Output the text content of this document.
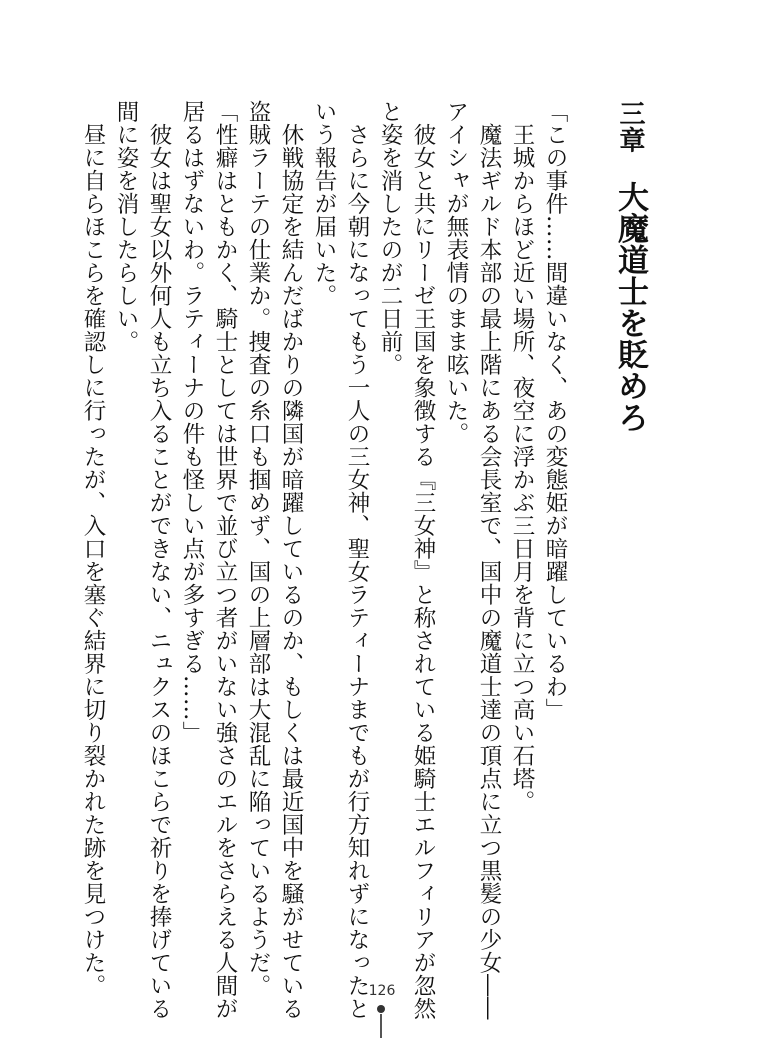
三章大魔道士を貶めろ

「この事件……間違いなく、あの変態姫が暗躍しているわ」

　王城からほど近い場所、夜空に浮かぶ三日月を背に立つ高い石塔。

　魔法ギルド本部の最上階にある会長室で、国中の魔道士達の頂点に立つ黒髪の少女――

アイシャが無表情のまま呟いた。

　彼女と共にリーゼ王国を象徴する『三女神』と称されている姫騎士エルフィリアが忽然

と姿を消したのが二日前。

　さらに今朝になってもう一人の三女神、聖女ラティーナまでもが行方知れずになったと

いう報告が届いた。

　休戦協定を結んだばかりの隣国が暗躍しているのか、もしくは最近国中を騒がせている

盗賊ラーテの仕業か。捜査の糸口も掴めず、国の上層部は大混乱に陥っているようだ。

「性癖はともかく、騎士としては世界で並び立つ者がいない強さのエルをさらえる人間が

居るはずないわ。ラティーナの件も怪しい点が多すぎる……」

　彼女は聖女以外何人も立ち入ることができない、ニュクスのほこらで祈りを捧げている

間に姿を消したらしい。

　昼に自らほこらを確認しに行ったが、入口を塞ぐ結界に切り裂かれた跡を見つけた。	126
